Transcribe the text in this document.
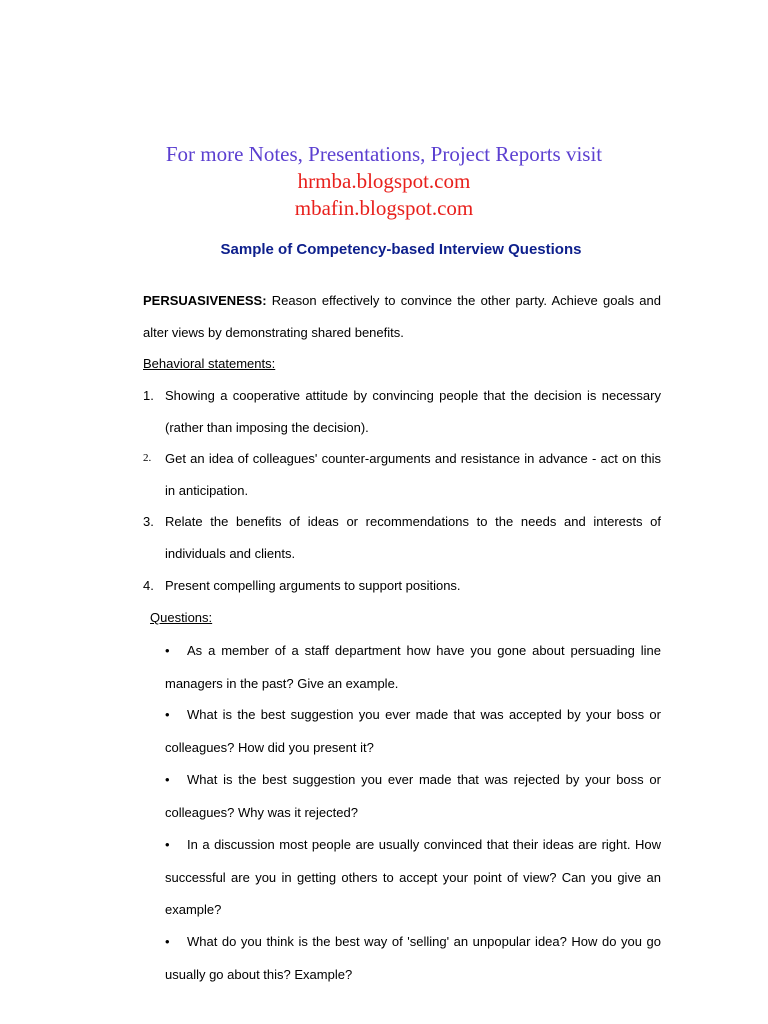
For more Notes, Presentations, Project Reports visit
hrmba.blogspot.com
mbafin.blogspot.com
Sample of Competency-based Interview Questions
PERSUASIVENESS: Reason effectively to convince the other party. Achieve goals and alter views by demonstrating shared benefits.
Behavioral statements:
1. Showing a cooperative attitude by convincing people that the decision is necessary (rather than imposing the decision).
2. Get an idea of colleagues' counter-arguments and resistance in advance - act on this in anticipation.
3. Relate the benefits of ideas or recommendations to the needs and interests of individuals and clients.
4. Present compelling arguments to support positions.
Questions:
•	As a member of a staff department how have you gone about persuading line managers in the past? Give an example.
•	What is the best suggestion you ever made that was accepted by your boss or colleagues? How did you present it?
•	What is the best suggestion you ever made that was rejected by your boss or colleagues? Why was it rejected?
•	In a discussion most people are usually convinced that their ideas are right. How successful are you in getting others to accept your point of view? Can you give an example?
•	What do you think is the best way of 'selling' an unpopular idea? How do you go usually go about this? Example?
